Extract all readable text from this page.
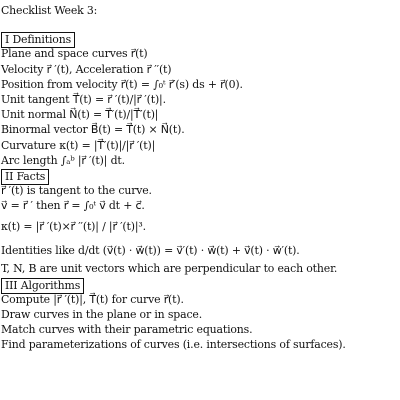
Checklist Week 3:
I Definitions
Plane and space curves r⃗(t)
Velocity r⃗ ′(t), Acceleration r⃗ ′′(t)
Position from velocity r⃗(t) = ∫₀ᵗ r⃗′(s) ds + r⃗(0).
Unit tangent T⃗(t) = r⃗ ′(t)/|r⃗ ′(t)|.
Unit normal N⃗(t) = T⃗′(t)/|T⃗′(t)|
Binormal vector B⃗(t) = T⃗(t) × N⃗(t).
Curvature κ(t) = |T⃗′(t)|/|r⃗ ′(t)|
Arc length ∫ₐᵇ |r⃗ ′(t)| dt.
II Facts
r⃗ ′(t) is tangent to the curve.
v⃗ = r⃗ ′ then r⃗ = ∫₀ᵗ v⃗ dt + c⃗.
κ(t) = |r⃗ ′(t)×r⃗ ′′(t)| / |r⃗ ′(t)|³.
Identities like d/dt (v⃗(t) · w⃗(t)) = v⃗′(t) · w⃗(t) + v⃗(t) · w⃗′(t).
T, N, B are unit vectors which are perpendicular to each other.
III Algorithms
Compute |r⃗ ′(t)|, T⃗(t) for curve r⃗(t).
Draw curves in the plane or in space.
Match curves with their parametric equations.
Find parameterizations of curves (i.e. intersections of surfaces).
